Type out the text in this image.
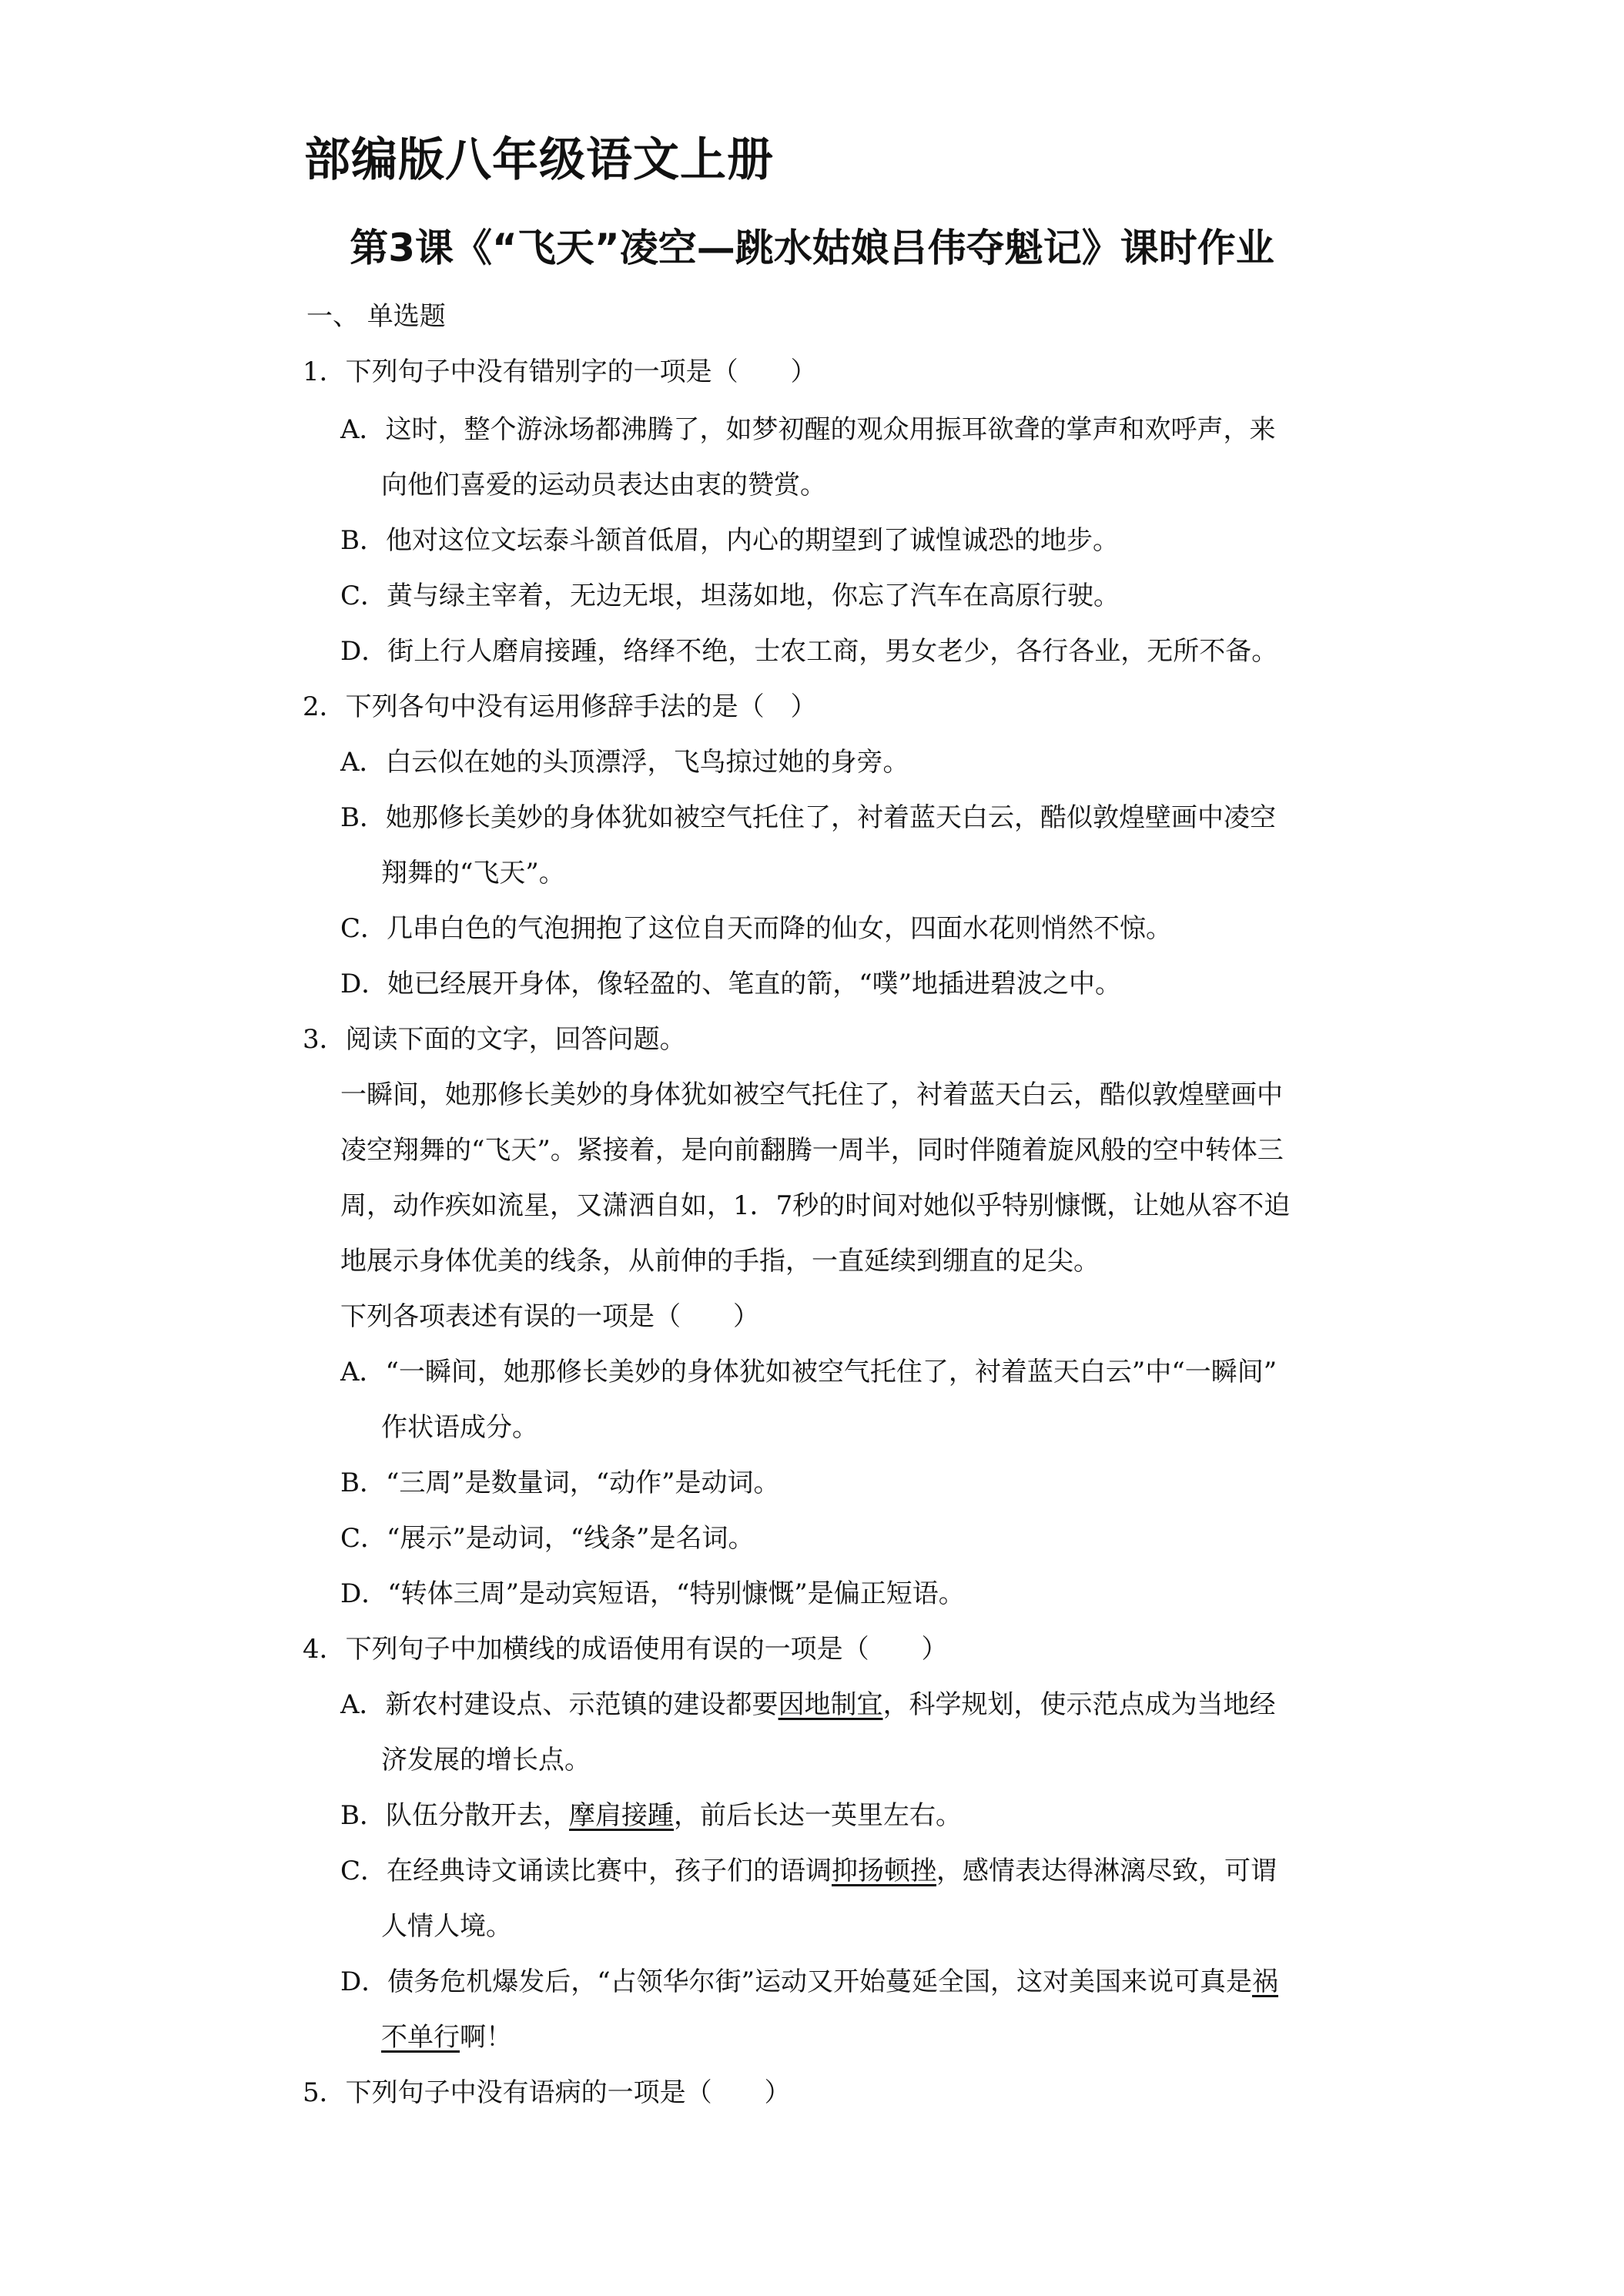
部编版八年级语文上册
第3课《“飞天”凌空—跳水姑娘吕伟夺魁记》课时作业
一、 单选题
1．下列句子中没有错别字的一项是（　　）
A．这时，整个游泳场都沸腾了，如梦初醒的观众用振耳欲聋的掌声和欢呼声，来
向他们喜爱的运动员表达由衷的赞赏。
B．他对这位文坛泰斗颔首低眉，内心的期望到了诚惶诚恐的地步。
C．黄与绿主宰着，无边无垠，坦荡如地，你忘了汽车在高原行驶。
D．街上行人磨肩接踵，络绎不绝，士农工商，男女老少，各行各业，无所不备。
2．下列各句中没有运用修辞手法的是（　）
A．白云似在她的头顶漂浮，飞鸟掠过她的身旁。
B．她那修长美妙的身体犹如被空气托住了，衬着蓝天白云，酷似敦煌壁画中凌空
翔舞的“飞天”。
C．几串白色的气泡拥抱了这位自天而降的仙女，四面水花则悄然不惊。
D．她已经展开身体，像轻盈的、笔直的箭，“噗”地插进碧波之中。
3．阅读下面的文字，回答问题。
一瞬间，她那修长美妙的身体犹如被空气托住了，衬着蓝天白云，酷似敦煌壁画中
凌空翔舞的“飞天”。紧接着，是向前翻腾一周半，同时伴随着旋风般的空中转体三
周，动作疾如流星，又潇洒自如，1．7秒的时间对她似乎特别慷慨，让她从容不迫
地展示身体优美的线条，从前伸的手指，一直延续到绷直的足尖。
下列各项表述有误的一项是（　　）
A．“一瞬间，她那修长美妙的身体犹如被空气托住了，衬着蓝天白云”中“一瞬间”
作状语成分。
B．“三周”是数量词，“动作”是动词。
C．“展示”是动词，“线条”是名词。
D．“转体三周”是动宾短语，“特别慷慨”是偏正短语。
4．下列句子中加横线的成语使用有误的一项是（　　）
A．新农村建设点、示范镇的建设都要因地制宜，科学规划，使示范点成为当地经
济发展的增长点。
B．队伍分散开去，摩肩接踵，前后长达一英里左右。
C．在经典诗文诵读比赛中，孩子们的语调抑扬顿挫，感情表达得淋漓尽致，可谓
人情人境。
D．债务危机爆发后，“占领华尔街”运动又开始蔓延全国，这对美国来说可真是祸
不单行啊！
5．下列句子中没有语病的一项是（　　）
